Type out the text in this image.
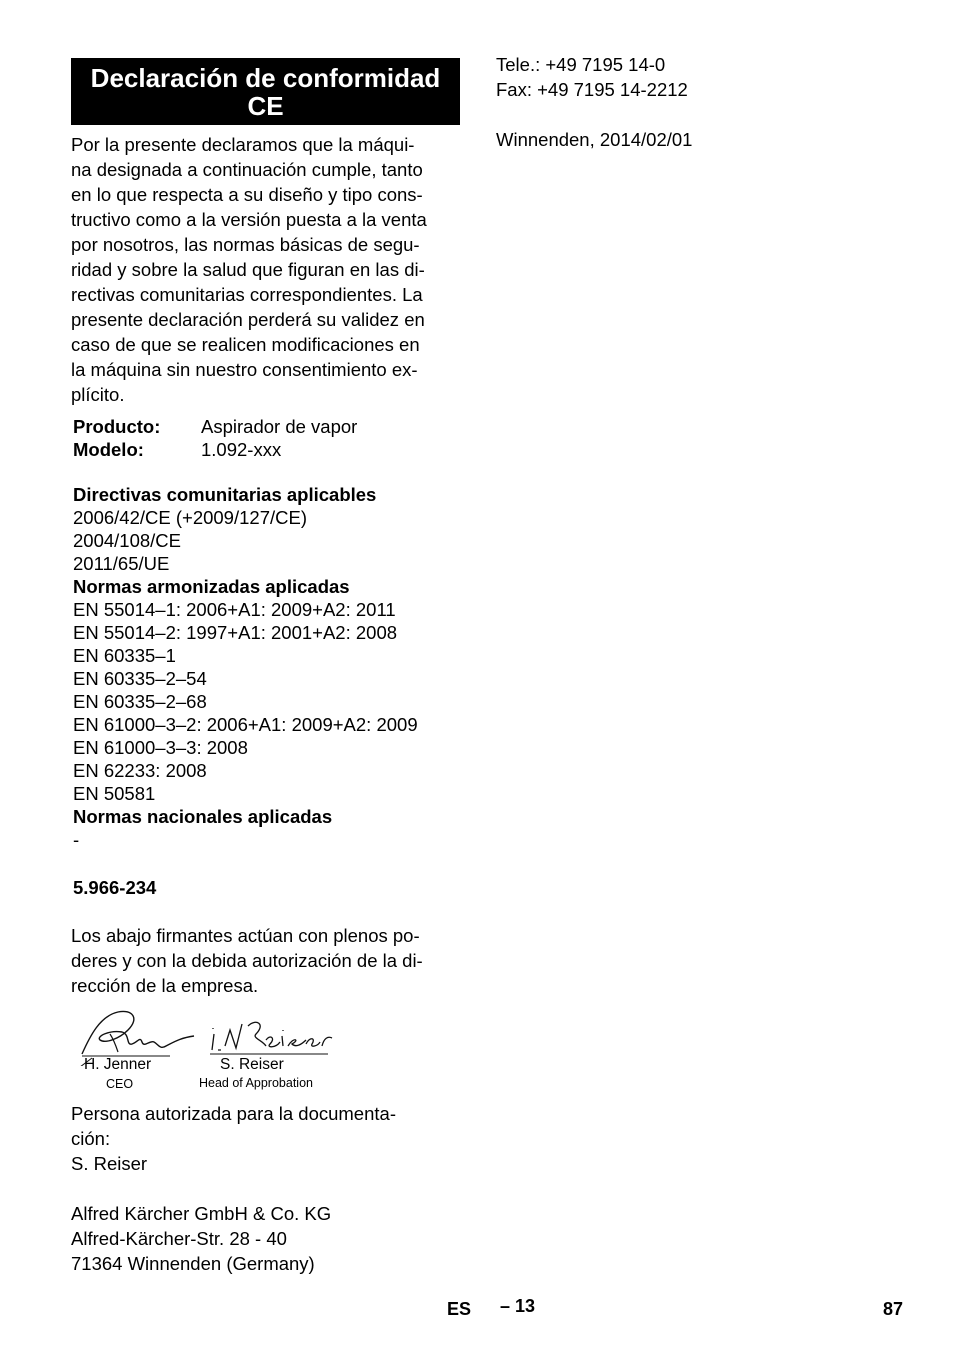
Declaración de conformidad
CE
Por la presente declaramos que la máqui-
na designada a continuación cumple, tanto
en lo que respecta a su diseño y tipo cons-
tructivo como a la versión puesta a la venta
por nosotros, las normas básicas de segu-
ridad y sobre la salud que figuran en las di-
rectivas comunitarias correspondientes. La
presente declaración perderá su validez en
caso de que se realicen modificaciones en
la máquina sin nuestro consentimiento ex-
plícito.
Producto:	Aspirador de vapor
Modelo:	1.092-xxx
Directivas comunitarias aplicables
2006/42/CE (+2009/127/CE)
2004/108/CE
2011/65/UE
Normas armonizadas aplicadas
EN 55014–1: 2006+A1: 2009+A2: 2011
EN 55014–2: 1997+A1: 2001+A2: 2008
EN 60335–1
EN 60335–2–54
EN 60335–2–68
EN 61000–3–2: 2006+A1: 2009+A2: 2009
EN 61000–3–3: 2008
EN 62233: 2008
EN 50581
Normas nacionales aplicadas
-
5.966-234
Los abajo firmantes actúan con plenos po-
deres y con la debida autorización de la di-
rección de la empresa.
H. Jenner
CEO
S. Reiser
Head of Approbation
Persona autorizada para la documenta-
ción:
S. Reiser
Alfred Kärcher GmbH & Co. KG
Alfred-Kärcher-Str. 28 - 40
71364 Winnenden (Germany)
Tele.: +49 7195 14-0
Fax: +49 7195 14-2212
Winnenden, 2014/02/01
ES – 13	87
